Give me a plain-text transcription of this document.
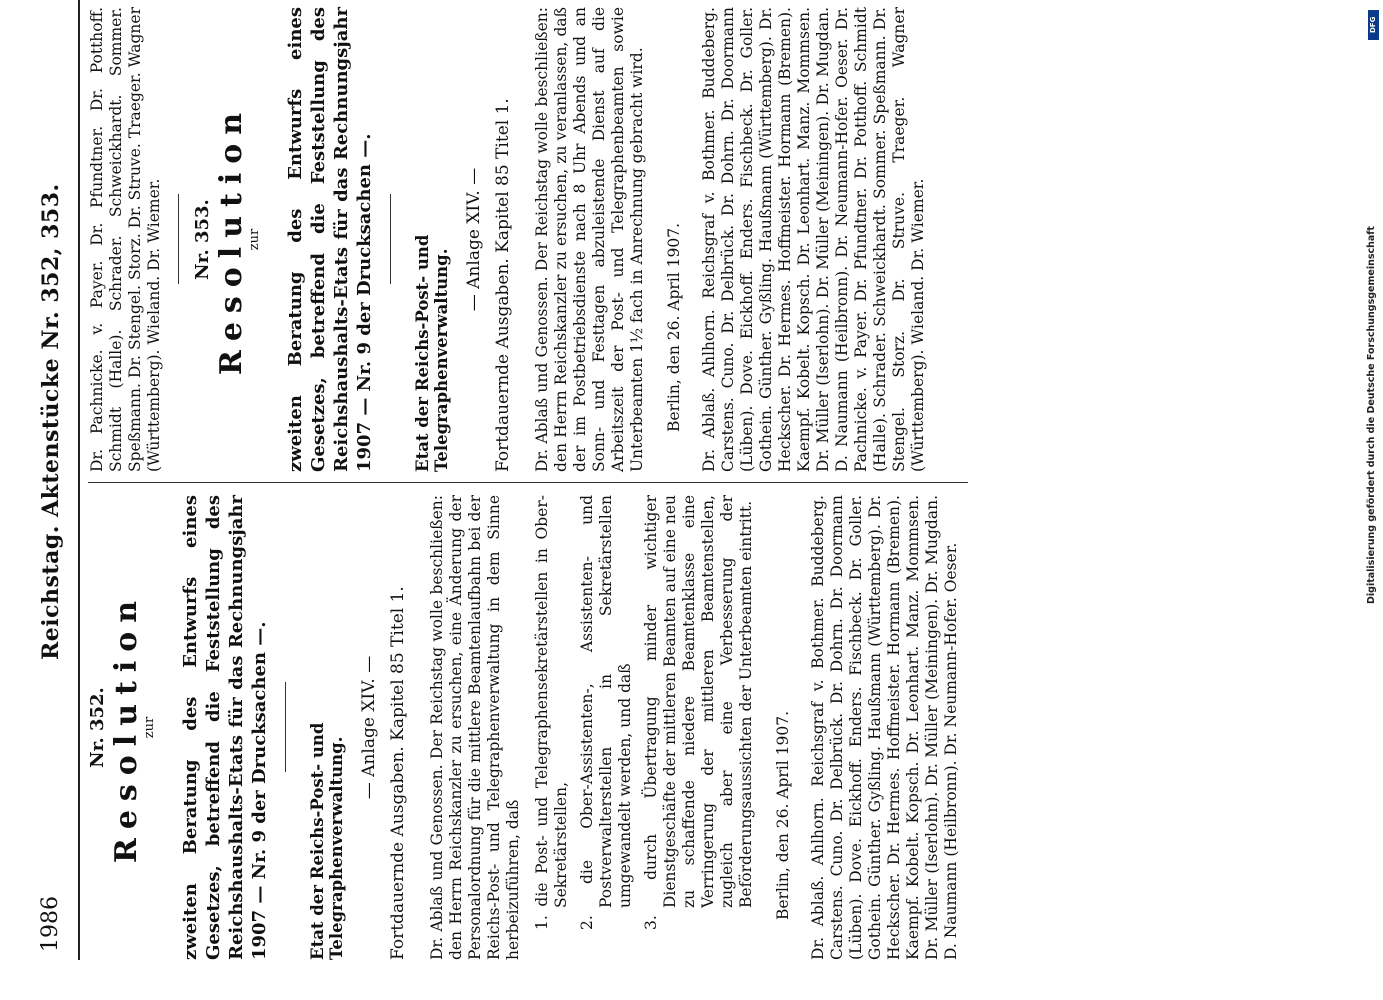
1986
Reichstag. Aktenstücke Nr. 352, 353.
Nr. 352. Resolution
zur zweiten Beratung des Entwurfs eines Gesetzes, betreffend die Feststellung des Reichshaushalts-Etats für das Rechnungsjahr 1907 — Nr. 9 der Drucksachen —. Etat der Reichs-Post- und Telegraphenverwaltung.
— Anlage XIV. — Fortdauernde Ausgaben. Kapitel 85 Titel 1. Dr. Ablaß und Genossen. Der Reichstag wolle beschließen: den Herrn Reichskanzler zu ersuchen, eine Änderung der Personalordnung für die mittlere Beamtenlaufbahn bei der Reichs-Post- und Telegraphenverwaltung in dem Sinne herbeizuführen, daß 1. die Post- und Telegraphensekretärstellen in Ober-Sekretärstellen, 2. die Ober-Assistenten-, Assistenten- und Postverwalterstellen in Sekretärstellen umgewandelt werden, und daß 3. durch Übertragung minder wichtiger Dienstgeschäfte der mittleren Beamten auf eine neu zu schaffende niedere Beamtenklasse eine Verringerung der mittleren Beamtenstellen, zugleich aber eine Verbesserung der Beförderungsaussichten der Unterbeamten eintritt. Berlin, den 26. April 1907. Dr. Ablaß. Ahlhorn. Reichsgraf v. Bothmer. Buddeberg. Carstens. Cuno. Dr. Delbrück. Dr. Dohrn. Dr. Doormann (Lüben). Dove. Eickhoff. Enders. Fischbeck. Dr. Goller. Gothein. Günther. Gyßling. Haußmann (Württemberg). Dr. Heckscher. Dr. Hermes. Hoffmeister. Hormann (Bremen). Kaempf. Kobelt. Kopsch. Dr. Leonhart. Manz. Mommsen. Dr. Müller (Iserlohn). Dr. Müller (Meiningen). Dr. Mugdan. D. Naumann (Heilbronn). Dr. Neumann-Hofer. Oeser.
Dr. Pachnicke. v. Payer. Dr. Pfundtner. Dr. Potthoff. Schmidt (Halle). Schrader. Schweickhardt. Sommer. Speßmann. Dr. Stengel. Storz. Dr. Struve. Traeger. Wagner (Württemberg). Wieland. Dr. Wiemer. Nr. 353. Resolution
zur zweiten Beratung des Entwurfs eines Gesetzes, betreffend die Feststellung des Reichshaushalts-Etats für das Rechnungsjahr 1907 — Nr. 9 der Drucksachen —. Etat der Reichs-Post- und Telegraphenverwaltung.
— Anlage XIV. — Fortdauernde Ausgaben. Kapitel 85 Titel 1. Dr. Ablaß und Genossen. Der Reichstag wolle beschließen: den Herrn Reichskanzler zu ersuchen, zu veranlassen, daß der im Postbetriebsdienste nach 8 Uhr Abends und an Sonn- und Festtagen abzuleistende Dienst auf die Arbeitszeit der Post- und Telegraphenbeamten sowie Unterbeamten 1½ fach in Anrechnung gebracht wird. Berlin, den 26. April 1907. Dr. Ablaß. Ahlhorn. Reichsgraf v. Bothmer. Buddeberg. Carstens. Cuno. Dr. Delbrück. Dr. Dohrn. Dr. Doormann (Lüben). Dove. Eickhoff. Enders. Fischbeck. Dr. Goller. Gothein. Günther. Gyßling. Haußmann (Württemberg). Dr. Heckscher. Dr. Hermes. Hoffmeister. Hormann (Bremen). Kaempf. Kobelt. Kopsch. Dr. Leonhart. Manz. Mommsen. Dr. Müller (Iserlohn). Dr. Müller (Meiningen). Dr. Mugdan. D. Naumann (Heilbronn). Dr. Neumann-Hofer. Oeser. Dr. Pachnicke. v. Payer. Dr. Pfundtner. Dr. Potthoff. Schmidt (Halle). Schrader. Schweickhardt. Sommer. Speßmann. Dr. Stengel. Storz. Dr. Struve. Traeger. Wagner (Württemberg). Wieland. Dr. Wiemer.
DFG
Digitalisierung gefördert durch die Deutsche Forschungsgemeinschaft
